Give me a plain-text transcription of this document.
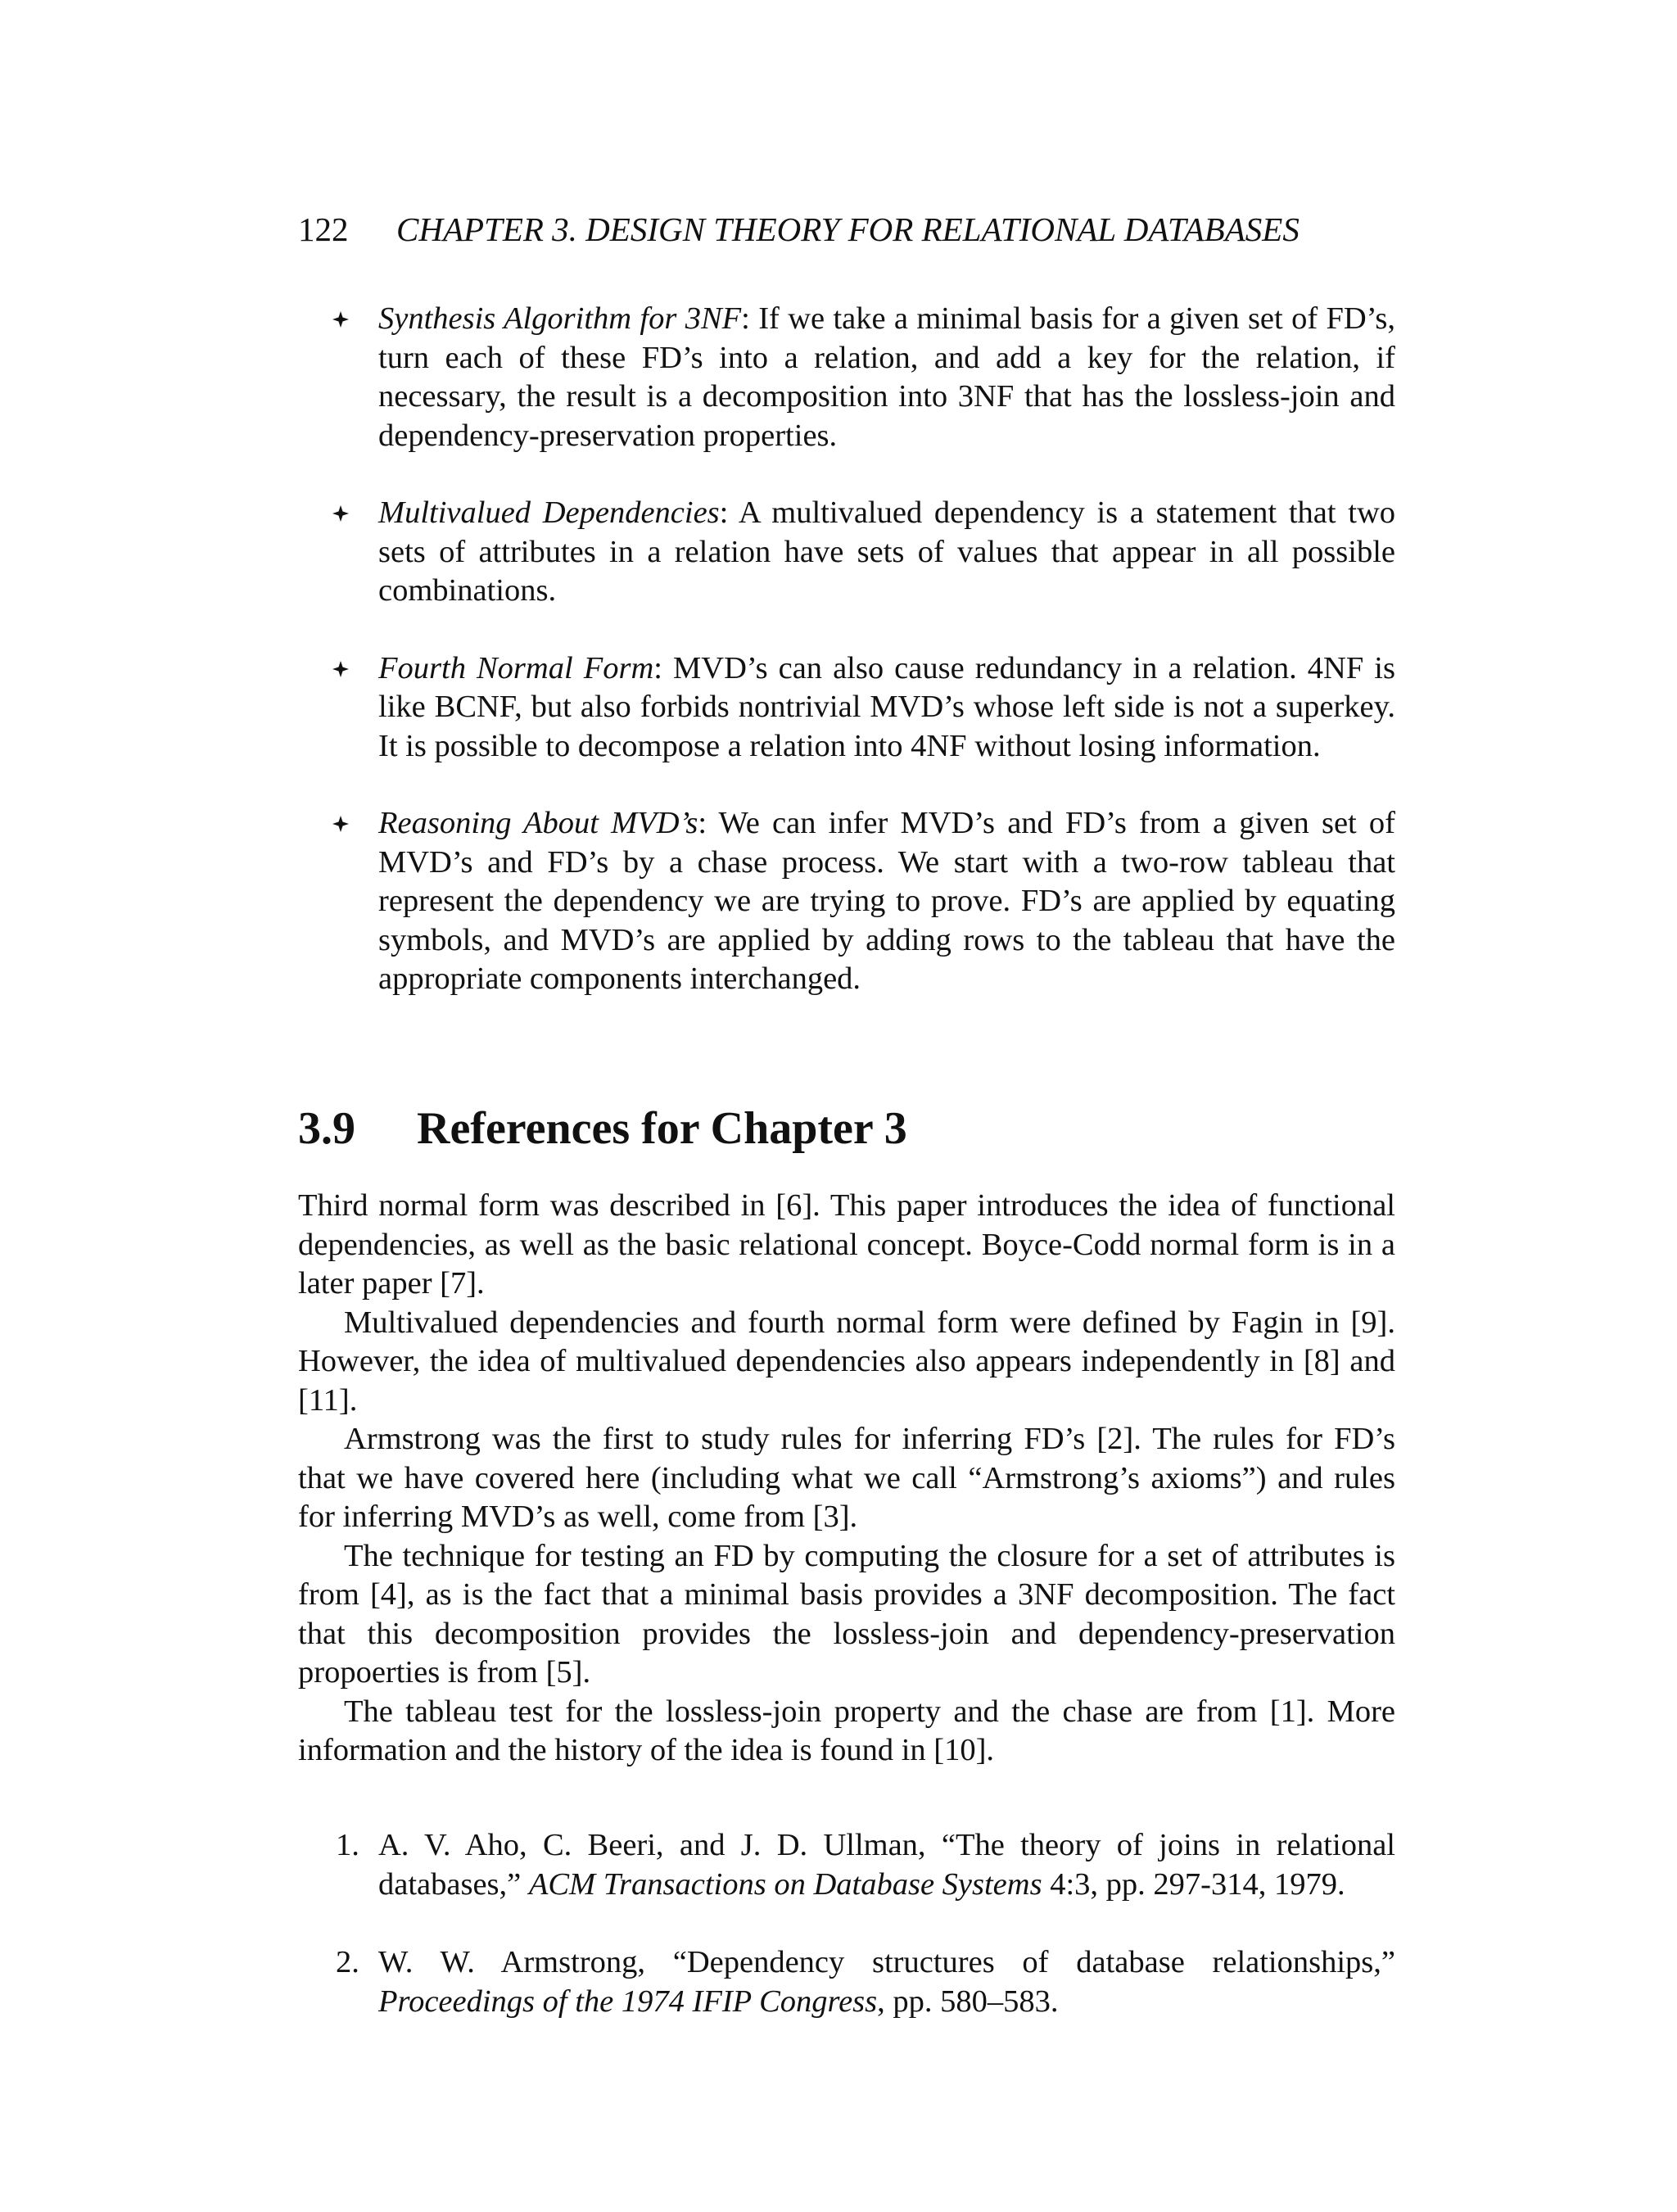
122 CHAPTER 3. DESIGN THEORY FOR RELATIONAL DATABASES
Synthesis Algorithm for 3NF: If we take a minimal basis for a given set of FD’s, turn each of these FD’s into a relation, and add a key for the relation, if necessary, the result is a decomposition into 3NF that has the lossless-join and dependency-preservation properties.
Multivalued Dependencies: A multivalued dependency is a statement that two sets of attributes in a relation have sets of values that appear in all possible combinations.
Fourth Normal Form: MVD’s can also cause redundancy in a relation. 4NF is like BCNF, but also forbids nontrivial MVD’s whose left side is not a superkey. It is possible to decompose a relation into 4NF without losing information.
Reasoning About MVD’s: We can infer MVD’s and FD’s from a given set of MVD’s and FD’s by a chase process. We start with a two-row tableau that represent the dependency we are trying to prove. FD’s are applied by equating symbols, and MVD’s are applied by adding rows to the tableau that have the appropriate components interchanged.
3.9 References for Chapter 3

Third normal form was described in [6]. This paper introduces the idea of functional dependencies, as well as the basic relational concept. Boyce-Codd normal form is in a later paper [7].

Multivalued dependencies and fourth normal form were defined by Fagin in [9]. However, the idea of multivalued dependencies also appears independently in [8] and [11].

Armstrong was the first to study rules for inferring FD’s [2]. The rules for FD’s that we have covered here (including what we call “Armstrong’s axioms”) and rules for inferring MVD’s as well, come from [3].

The technique for testing an FD by computing the closure for a set of attributes is from [4], as is the fact that a minimal basis provides a 3NF decomposition. The fact that this decomposition provides the lossless-join and dependency-preservation propoerties is from [5].

The tableau test for the lossless-join property and the chase are from [1]. More information and the history of the idea is found in [10].

1. A. V. Aho, C. Beeri, and J. D. Ullman, “The theory of joins in relational databases,” ACM Transactions on Database Systems 4:3, pp. 297-314, 1979.
2. W. W. Armstrong, “Dependency structures of database relationships,” Proceedings of the 1974 IFIP Congress, pp. 580–583.
